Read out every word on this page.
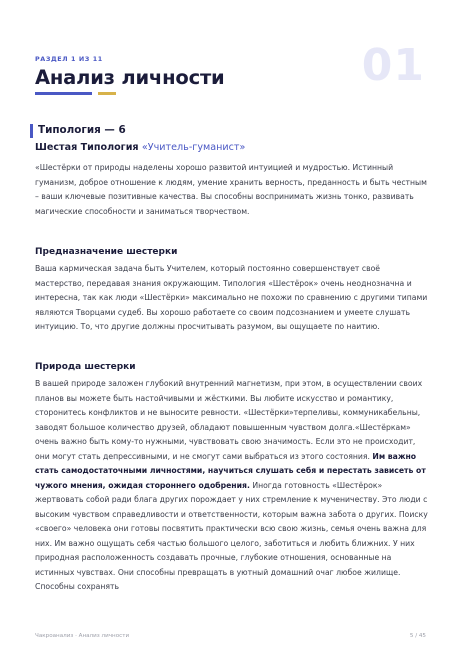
РАЗДЕЛ 1 ИЗ 11	01
Анализ личности
Типология — 6
Шестая Типология «Учитель-гуманист»

«Шестёрки от природы наделены хорошо развитой интуицией и мудростью. Истинный гуманизм, доброе отношение к людям, умение хранить верность, преданность и быть честным – ваши ключевые позитивные качества. Вы способны воспринимать жизнь тонко, развивать магические способности и заниматься творчеством.

Предназначение шестерки

Ваша кармическая задача быть Учителем, который постоянно совершенствует своё мастерство, передавая знания окружающим. Типология «Шестёрок» очень неоднозначна и интересна, так как люди «Шестёрки» максимально не похожи по сравнению с другими типами являются Творцами судеб. Вы хорошо работаете со своим подсознанием и умеете слушать интуицию. То, что другие должны просчитывать разумом, вы ощущаете по наитию.

Природа шестерки

В вашей природе заложен глубокий внутренний магнетизм, при этом, в осуществлении своих планов вы можете быть настойчивыми и жёсткими. Вы любите искусство и романтику, сторонитесь конфликтов и не выносите ревности. «Шестёрки»терпеливы, коммуникабельны, заводят большое количество друзей, обладают повышенным чувством долга.«Шестёркам» очень важно быть кому-то нужными, чувствовать свою значимость. Если это не происходит, они могут стать депрессивными, и не смогут сами выбраться из этого состояния. Им важно стать самодостаточными личностями, научиться слушать себя и перестать зависеть от чужого мнения, ожидая стороннего одобрения. Иногда готовность «Шестёрок» жертвовать собой ради блага других порождает у них стремление к мученичеству. Это люди с высоким чувством справедливости и ответственности, которым важна забота о других. Поиску «своего» человека они готовы посвятить практически всю свою жизнь, семья очень важна для них. Им важно ощущать себя частью большого целого, заботиться и любить ближних. У них природная расположенность создавать прочные, глубокие отношения, основанные на истинных чувствах. Они способны превращать в уютный домашний очаг любое жилище. Способны сохранять

Чакроанализ · Анализ личности	5 / 45
